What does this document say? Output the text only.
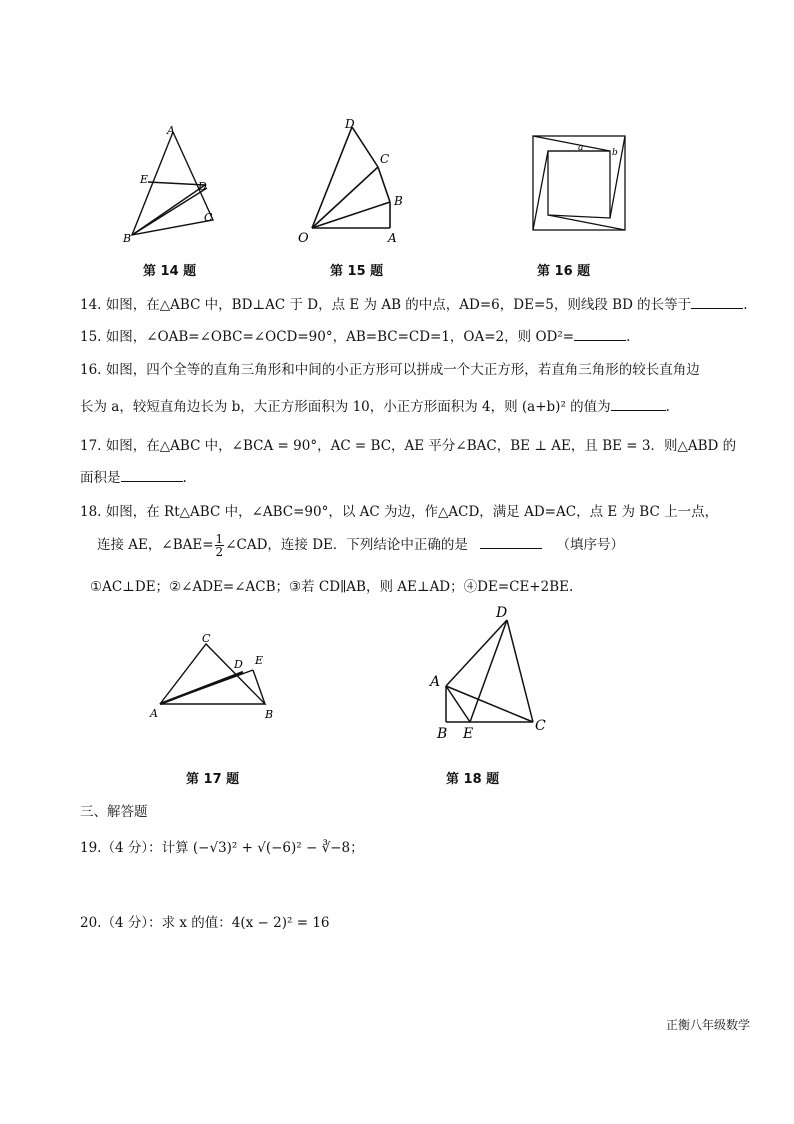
A
B
C
D
E
第 14 题
O	A
B
C
D
第 15 题
a	b
第 16 题
14. 如图，在△ABC 中，BD⊥AC 于 D，点 E 为 AB 的中点，AD=6，DE=5，则线段 BD 的长等于	.
15. 如图，∠OAB=∠OBC=∠OCD=90°，AB=BC=CD=1，OA=2，则 OD²=	.
16. 如图，四个全等的直角三角形和中间的小正方形可以拼成一个大正方形，若直角三角形的较长直角边
长为 a，较短直角边长为 b，大正方形面积为 10，小正方形面积为 4，则 (a+b)² 的值为	.
17. 如图，在△ABC 中，∠BCA = 90°，AC = BC，AE 平分∠BAC，BE ⊥ AE，且 BE = 3．则△ABD 的
面积是	.
18. 如图，在 Rt△ABC 中，∠ABC=90°，以 AC 为边，作△ACD，满足 AD=AC，点 E 为 BC 上一点，
连接 AE，∠BAE= $\frac{1}{2}$ ∠CAD，连接 DE．下列结论中正确的是	（填序号）
①AC⊥DE；②∠ADE=∠ACB；③若 CD∥AB，则 AE⊥AD；④DE=CE+2BE.
C
D E
A	B
第 17 题
D
A
B E	C
第 18 题
三、解答题
19.（4 分）：计算 (−√3)² + √(−6)² − ∛−8；
20.（4 分）：求 x 的值：4(x − 2)² = 16
正衡八年级数学
